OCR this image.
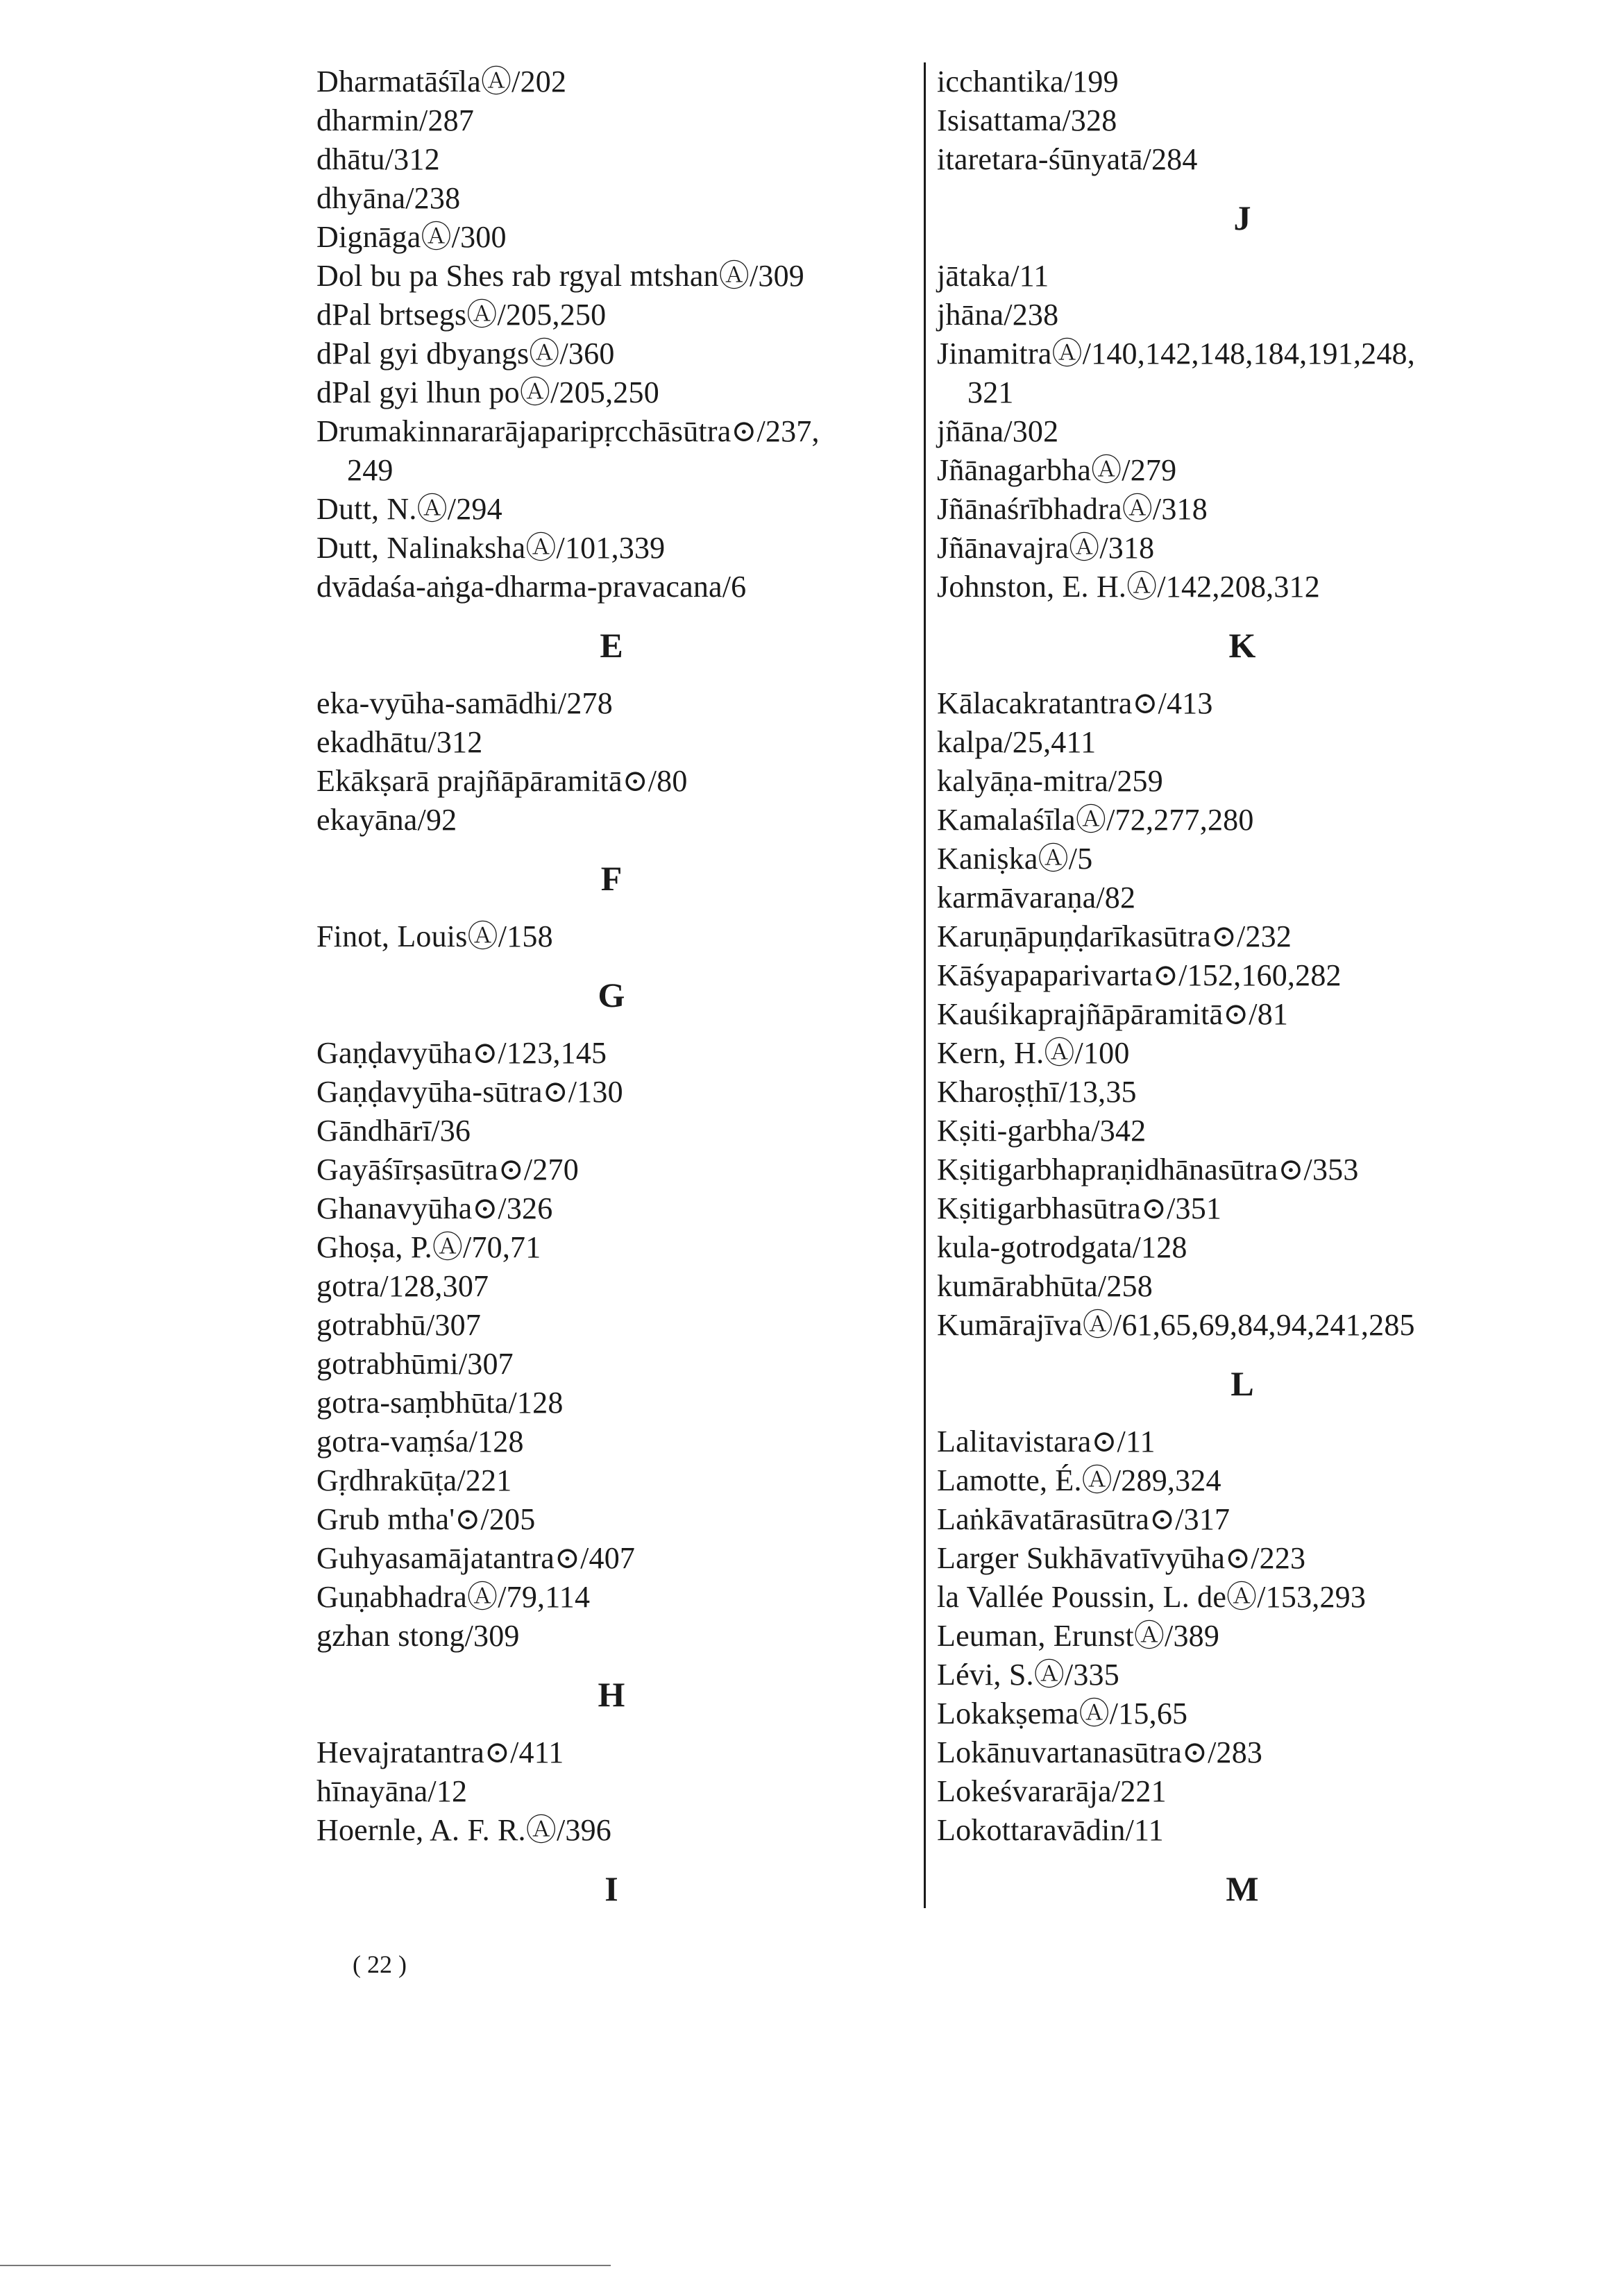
DharmatāśīlaⒶ/202
dharmin/287
dhātu/312
dhyāna/238
DignāgaⒶ/300
Dol bu pa Shes rab rgyal mtshanⒶ/309
dPal brtsegsⒶ/205,250
dPal gyi dbyangsⒶ/360
dPal gyi lhun poⒶ/205,250
Drumakinnararājaparipṛcchāsūtra⊙/237,
249
Dutt, N.Ⓐ/294
Dutt, NalinakshaⒶ/101,339
dvādaśa-aṅga-dharma-pravacana/6
E
eka-vyūha-samādhi/278
ekadhātu/312
Ekākṣarā prajñāpāramitā⊙/80
ekayāna/92
F
Finot, LouisⒶ/158
G
Gaṇḍavyūha⊙/123,145
Gaṇḍavyūha-sūtra⊙/130
Gāndhārī/36
Gayāśīrṣasūtra⊙/270
Ghanavyūha⊙/326
Ghoṣa, P.Ⓐ/70,71
gotra/128,307
gotrabhū/307
gotrabhūmi/307
gotra-saṃbhūta/128
gotra-vaṃśa/128
Gṛdhrakūṭa/221
Grub mtha'⊙/205
Guhyasamājatantra⊙/407
GuṇabhadraⒶ/79,114
gzhan stong/309
H
Hevajratantra⊙/411
hīnayāna/12
Hoernle, A. F. R.Ⓐ/396
I
icchantika/199
Isisattama/328
itaretara-śūnyatā/284
J
jātaka/11
jhāna/238
JinamitraⒶ/140,142,148,184,191,248,
321
jñāna/302
JñānagarbhaⒶ/279
JñānaśrībhadraⒶ/318
JñānavajraⒶ/318
Johnston, E. H.Ⓐ/142,208,312
K
Kālacakratantra⊙/413
kalpa/25,411
kalyāṇa-mitra/259
KamalaśīlaⒶ/72,277,280
KaniṣkaⒶ/5
karmāvaraṇa/82
Karuṇāpuṇḍarīkasūtra⊙/232
Kāśyapaparivarta⊙/152,160,282
Kauśikaprajñāpāramitā⊙/81
Kern, H.Ⓐ/100
Kharoṣṭhī/13,35
Kṣiti-garbha/342
Kṣitigarbhapraṇidhānasūtra⊙/353
Kṣitigarbhasūtra⊙/351
kula-gotrodgata/128
kumārabhūta/258
KumārajīvaⒶ/61,65,69,84,94,241,285
L
Lalitavistara⊙/11
Lamotte, É.Ⓐ/289,324
Laṅkāvatārasūtra⊙/317
Larger Sukhāvatīvyūha⊙/223
la Vallée Poussin, L. deⒶ/153,293
Leuman, ErunstⒶ/389
Lévi, S.Ⓐ/335
LokakṣemaⒶ/15,65
Lokānuvartanasūtra⊙/283
Lokeśvararāja/221
Lokottaravādin/11
M
( 22 )
